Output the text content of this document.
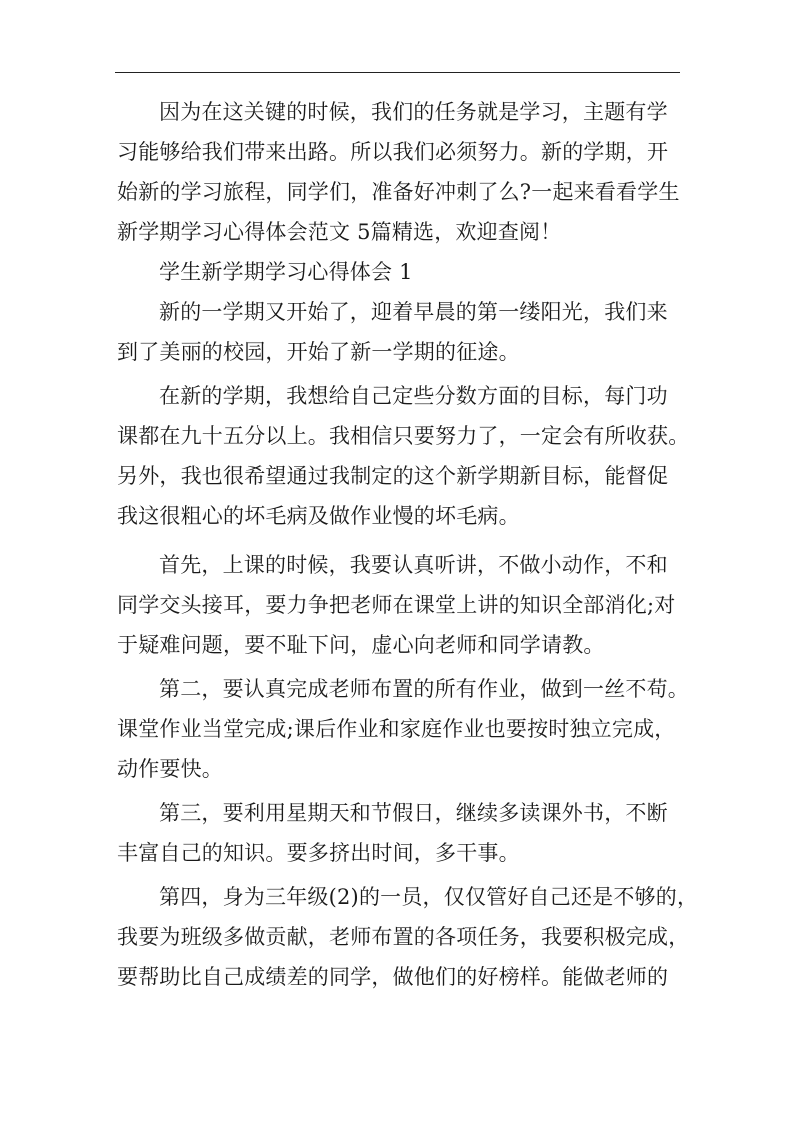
因为在这关键的时候，我们的任务就是学习，主题有学
习能够给我们带来出路。所以我们必须努力。新的学期，开
始新的学习旅程，同学们，准备好冲刺了么?一起来看看学生
新学期学习心得体会范文 5篇精选，欢迎查阅！
学生新学期学习心得体会 1
新的一学期又开始了，迎着早晨的第一缕阳光，我们来
到了美丽的校园，开始了新一学期的征途。
在新的学期，我想给自己定些分数方面的目标，每门功
课都在九十五分以上。我相信只要努力了，一定会有所收获。
另外，我也很希望通过我制定的这个新学期新目标，能督促
我这很粗心的坏毛病及做作业慢的坏毛病。
首先，上课的时候，我要认真听讲，不做小动作，不和
同学交头接耳，要力争把老师在课堂上讲的知识全部消化;对
于疑难问题，要不耻下问，虚心向老师和同学请教。
第二，要认真完成老师布置的所有作业，做到一丝不苟。
课堂作业当堂完成;课后作业和家庭作业也要按时独立完成，
动作要快。
第三，要利用星期天和节假日，继续多读课外书，不断
丰富自己的知识。要多挤出时间，多干事。
第四，身为三年级(2)的一员，仅仅管好自己还是不够的，
我要为班级多做贡献，老师布置的各项任务，我要积极完成，
要帮助比自己成绩差的同学，做他们的好榜样。能做老师的
